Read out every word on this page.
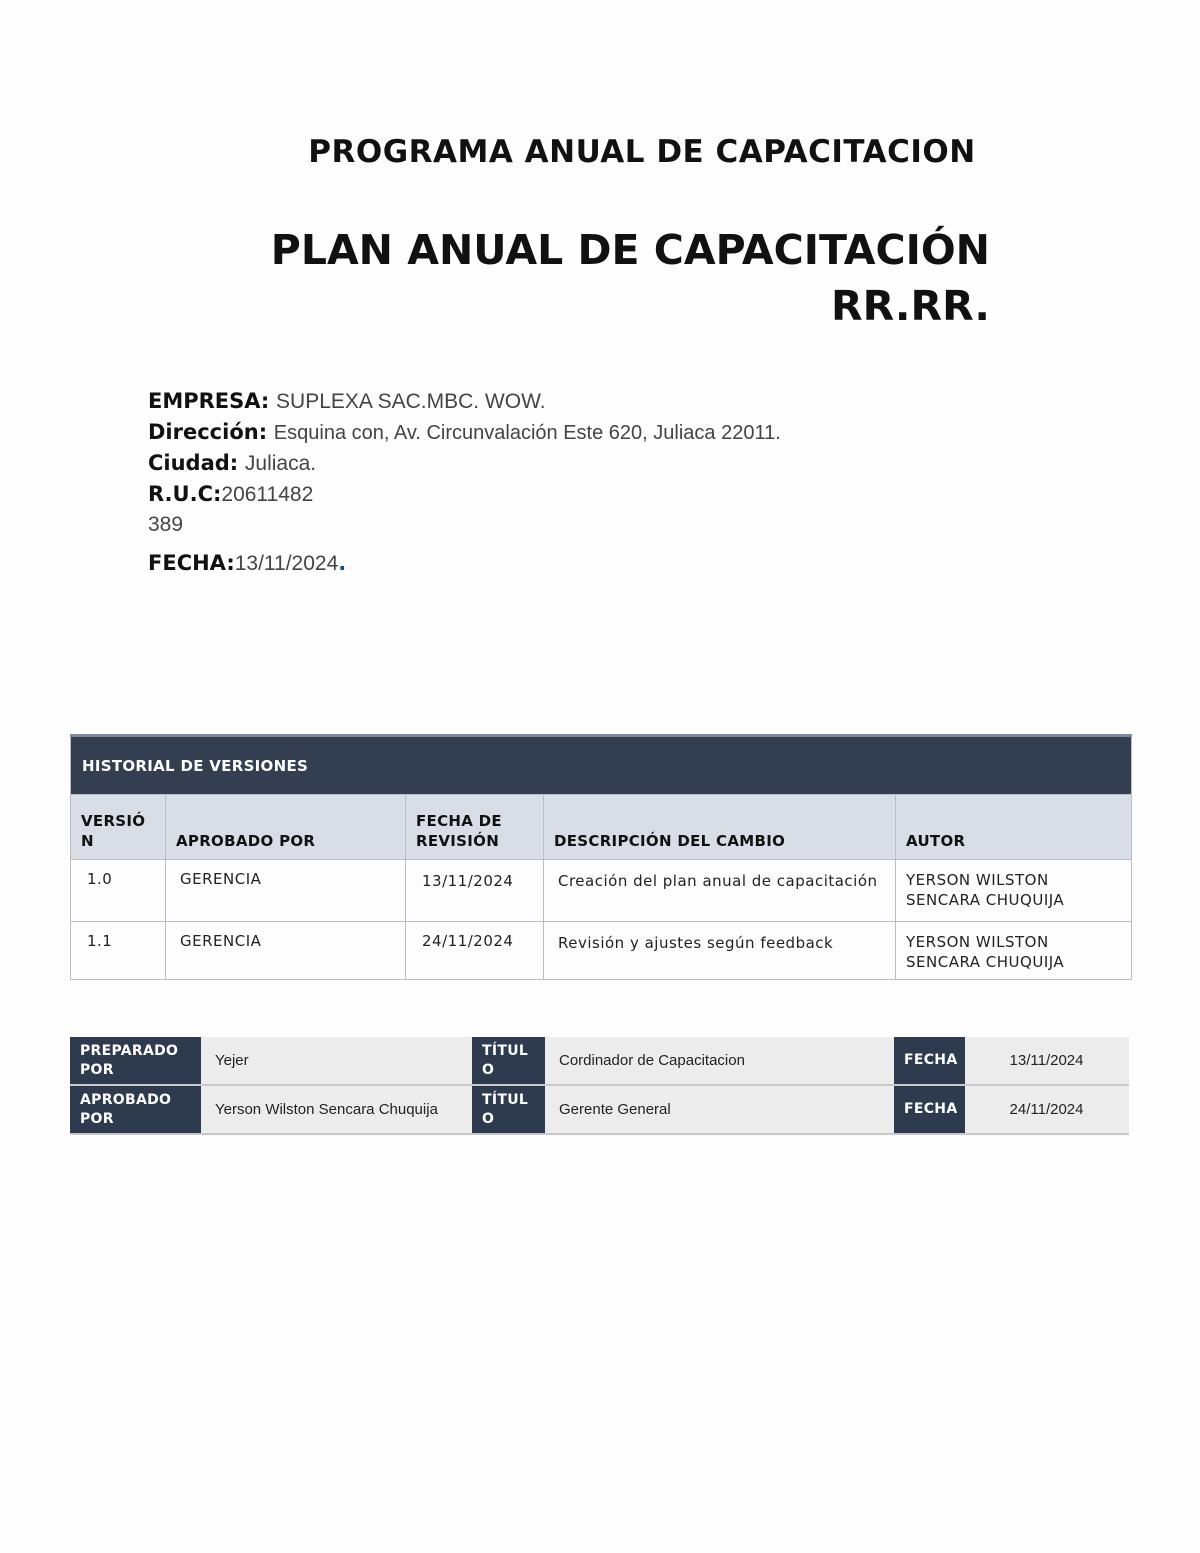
PROGRAMA ANUAL DE CAPACITACION
PLAN ANUAL DE CAPACITACIÓN
RR.RR.
EMPRESA: SUPLEXA SAC.MBC. WOW.
Dirección: Esquina con, Av. Circunvalación Este 620, Juliaca 22011.
Ciudad: Juliaca.
R.U.C:20611482
389
FECHA:13/11/2024.
HISTORIAL DE VERSIONES				
VERSIÓ N	APROBADO POR	FECHA DE REVISIÓN	DESCRIPCIÓN DEL CAMBIO	AUTOR
1.0	GERENCIA	13/11/2024	Creación del plan anual de capacitación	YERSON WILSTON SENCARA CHUQUIJA
1.1	GERENCIA	24/11/2024	Revisión y ajustes según feedback	YERSON WILSTON SENCARA CHUQUIJA
PREPARADO POR	Yejer	TÍTUL O	Cordinador de Capacitacion	FECHA	13/11/2024
APROBADO POR	Yerson Wilston Sencara Chuquija	TÍTUL O	Gerente General	FECHA	24/11/2024
